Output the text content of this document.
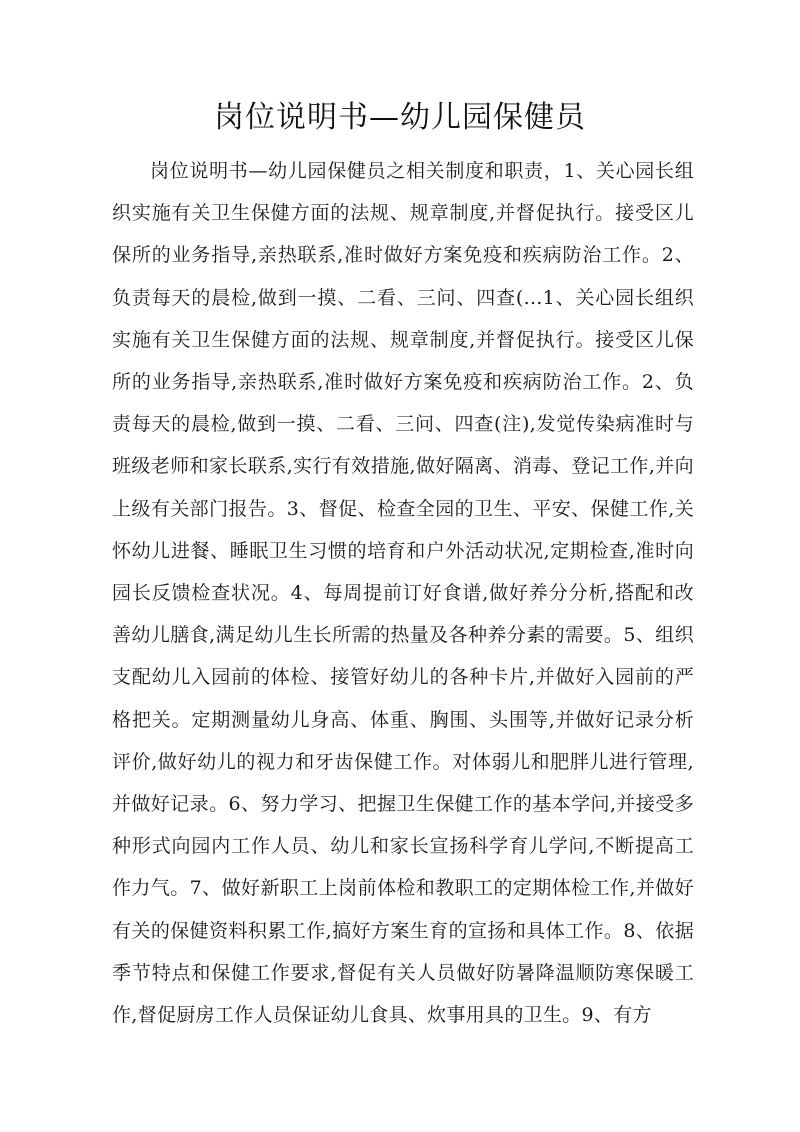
岗位说明书—幼儿园保健员

岗位说明书—幼儿园保健员之相关制度和职责，1、关心园长组织实施有关卫生保健方面的法规、规章制度,并督促执行。接受区儿保所的业务指导,亲热联系,准时做好方案免疫和疾病防治工作。2、负责每天的晨检,做到一摸、二看、三问、四查(...1、关心园长组织实施有关卫生保健方面的法规、规章制度,并督促执行。接受区儿保所的业务指导,亲热联系,准时做好方案免疫和疾病防治工作。2、负责每天的晨检,做到一摸、二看、三问、四查(注),发觉传染病准时与班级老师和家长联系,实行有效措施,做好隔离、消毒、登记工作,并向上级有关部门报告。3、督促、检查全园的卫生、平安、保健工作,关怀幼儿进餐、睡眠卫生习惯的培育和户外活动状况,定期检查,准时向园长反馈检查状况。4、每周提前订好食谱,做好养分分析,搭配和改善幼儿膳食,满足幼儿生长所需的热量及各种养分素的需要。5、组织支配幼儿入园前的体检、接管好幼儿的各种卡片,并做好入园前的严格把关。定期测量幼儿身高、体重、胸围、头围等,并做好记录分析评价,做好幼儿的视力和牙齿保健工作。对体弱儿和肥胖儿进行管理,并做好记录。6、努力学习、把握卫生保健工作的基本学问,并接受多种形式向园内工作人员、幼儿和家长宣扬科学育儿学问,不断提高工作力气。7、做好新职工上岗前体检和教职工的定期体检工作,并做好有关的保健资料积累工作,搞好方案生育的宣扬和具体工作。8、依据季节特点和保健工作要求,督促有关人员做好防暑降温顺防寒保暖工作,督促厨房工作人员保证幼儿食具、炊事用具的卫生。9、有方
